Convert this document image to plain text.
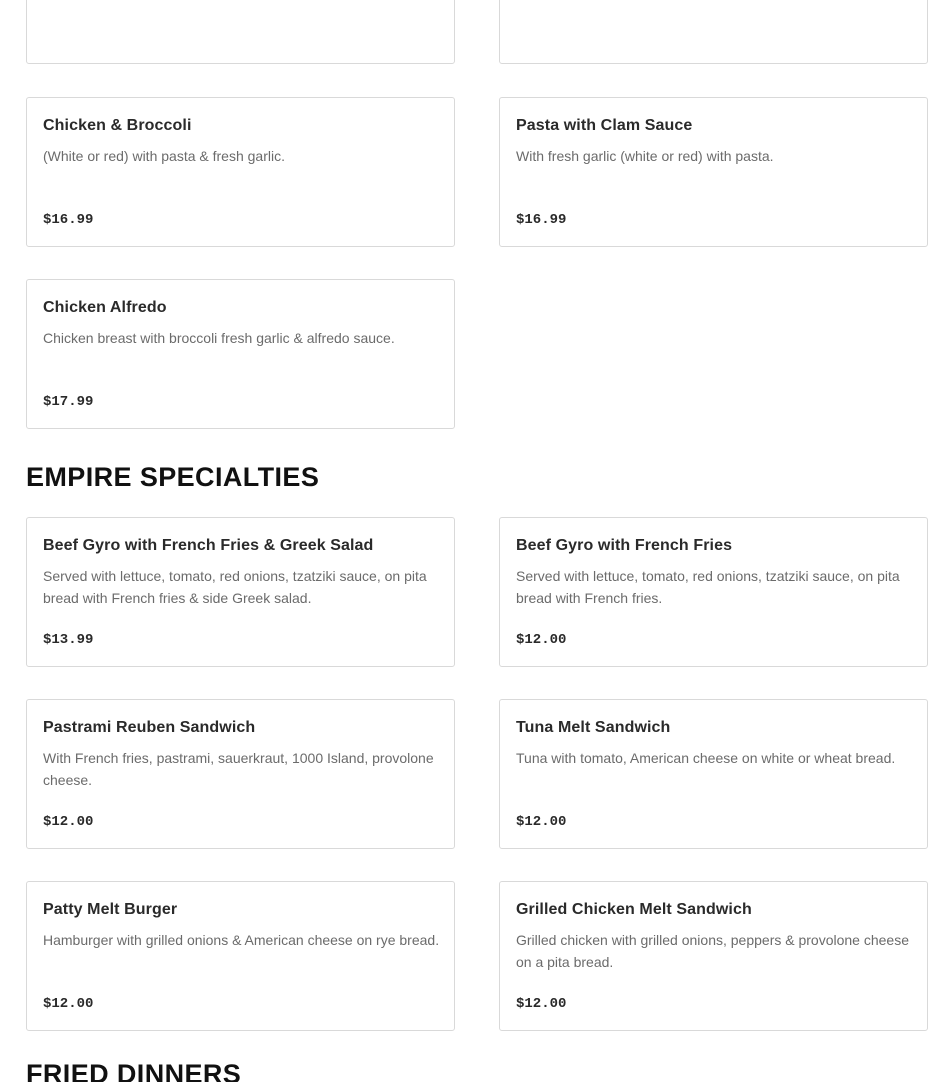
Chicken & Broccoli
(White or red) with pasta & fresh garlic.
$16.99
Pasta with Clam Sauce
With fresh garlic (white or red) with pasta.
$16.99
Chicken Alfredo
Chicken breast with broccoli fresh garlic & alfredo sauce.
$17.99
EMPIRE SPECIALTIES
Beef Gyro with French Fries & Greek Salad
Served with lettuce, tomato, red onions, tzatziki sauce, on pita bread with French fries & side Greek salad.
$13.99
Beef Gyro with French Fries
Served with lettuce, tomato, red onions, tzatziki sauce, on pita bread with French fries.
$12.00
Pastrami Reuben Sandwich
With French fries, pastrami, sauerkraut, 1000 Island, provolone cheese.
$12.00
Tuna Melt Sandwich
Tuna with tomato, American cheese on white or wheat bread.
$12.00
Patty Melt Burger
Hamburger with grilled onions & American cheese on rye bread.
$12.00
Grilled Chicken Melt Sandwich
Grilled chicken with grilled onions, peppers & provolone cheese on a pita bread.
$12.00
FRIED DINNERS
